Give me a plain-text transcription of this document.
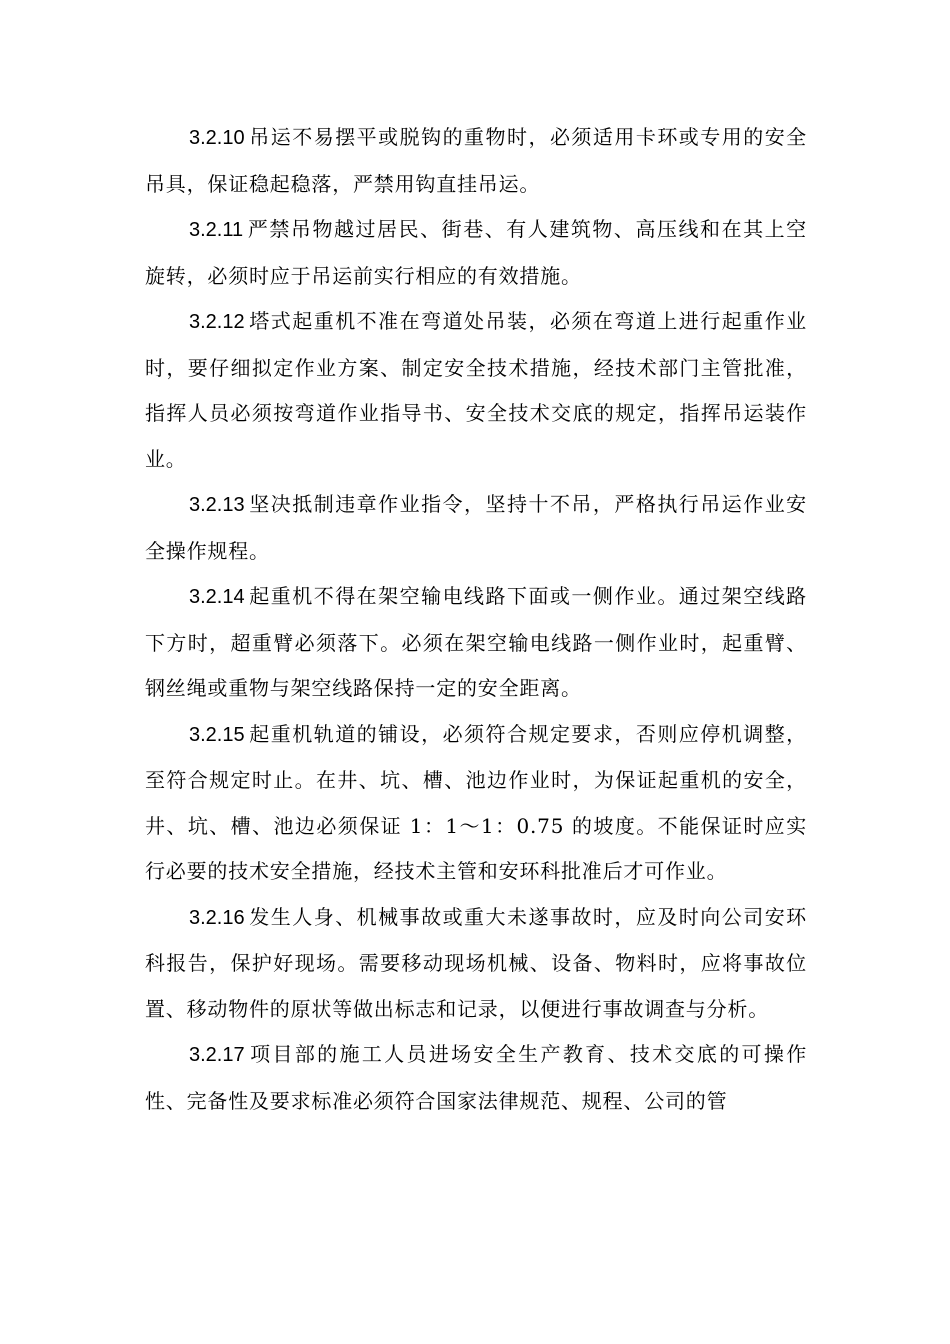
3.2.10 吊运不易摆平或脱钩的重物时，必须适用卡环或专用的安全吊具，保证稳起稳落，严禁用钩直挂吊运。

3.2.11 严禁吊物越过居民、街巷、有人建筑物、高压线和在其上空旋转，必须时应于吊运前实行相应的有效措施。

3.2.12 塔式起重机不准在弯道处吊装，必须在弯道上进行起重作业时，要仔细拟定作业方案、制定安全技术措施，经技术部门主管批准，指挥人员必须按弯道作业指导书、安全技术交底的规定，指挥吊运装作业。

3.2.13 坚决抵制违章作业指令，坚持十不吊，严格执行吊运作业安全操作规程。

3.2.14 起重机不得在架空输电线路下面或一侧作业。通过架空线路下方时，超重臂必须落下。必须在架空输电线路一侧作业时，起重臂、钢丝绳或重物与架空线路保持一定的安全距离。

3.2.15 起重机轨道的铺设，必须符合规定要求，否则应停机调整，至符合规定时止。在井、坑、槽、池边作业时，为保证起重机的安全，井、坑、槽、池边必须保证 1：1～1：0.75 的坡度。不能保证时应实行必要的技术安全措施，经技术主管和安环科批准后才可作业。

3.2.16 发生人身、机械事故或重大未遂事故时，应及时向公司安环科报告，保护好现场。需要移动现场机械、设备、物料时，应将事故位置、移动物件的原状等做出标志和记录，以便进行事故调查与分析。

3.2.17 项目部的施工人员进场安全生产教育、技术交底的可操作性、完备性及要求标准必须符合国家法律规范、规程、公司的管
